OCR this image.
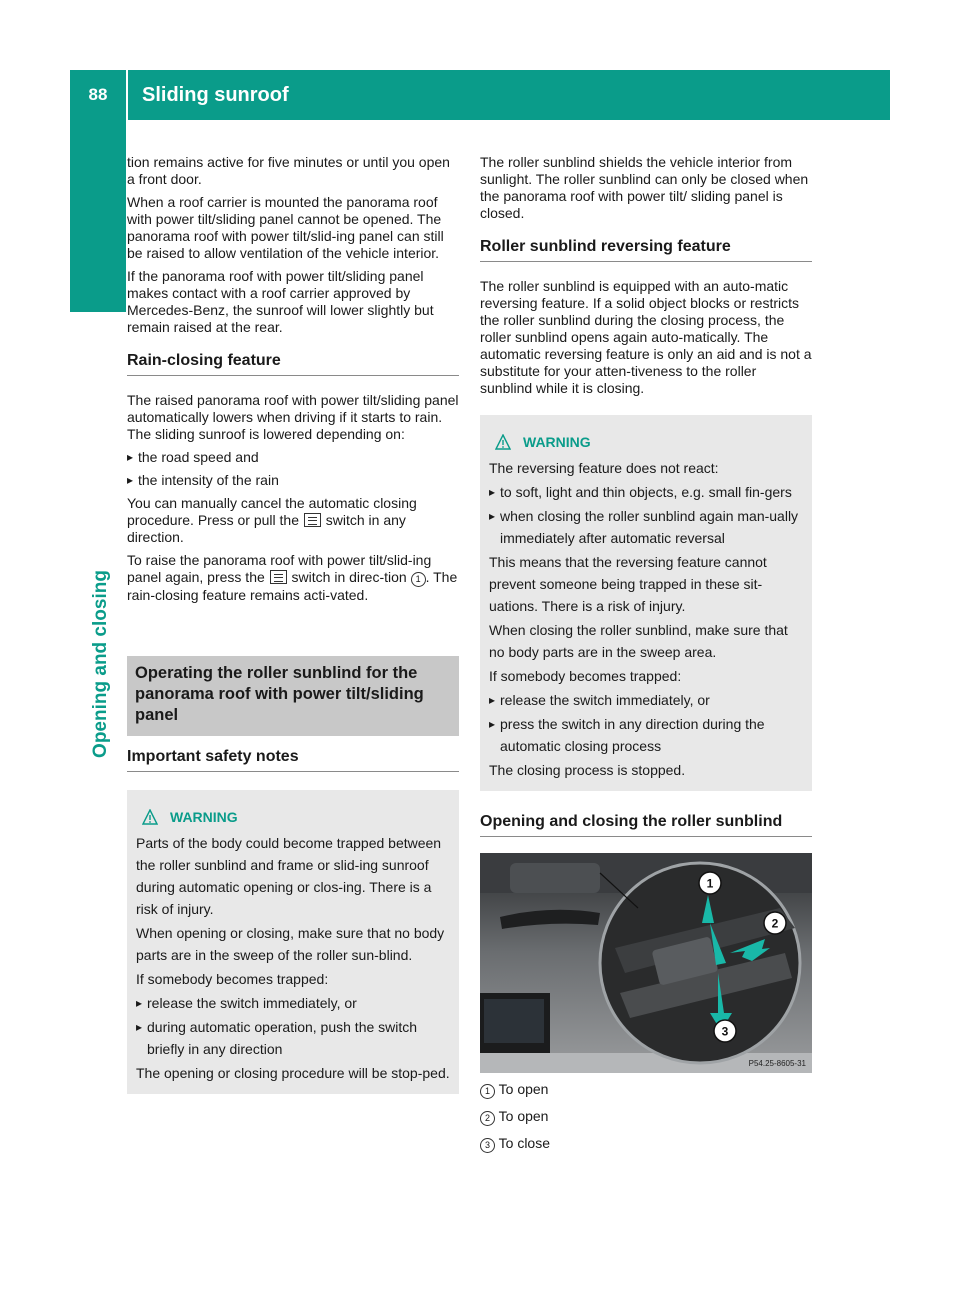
88	Sliding sunroof
Opening and closing

tion remains active for five minutes or until you open a front door.

When a roof carrier is mounted the panorama roof with power tilt/sliding panel cannot be opened. The panorama roof with power tilt/slid-ing panel can still be raised to allow ventilation of the vehicle interior.

If the panorama roof with power tilt/sliding panel makes contact with a roof carrier approved by Mercedes-Benz, the sunroof will lower slightly but remain raised at the rear.

Rain-closing feature

The raised panorama roof with power tilt/sliding panel automatically lowers when driving if it starts to rain. The sliding sunroof is lowered depending on:

▸ the road speed and
▸ the intensity of the rain

You can manually cancel the automatic closing procedure. Press or pull the switch in any direction.

To raise the panorama roof with power tilt/slid-ing panel again, press the switch in direc-tion 1 . The rain-closing feature remains acti-vated.

Operating the roller sunblind for the panorama roof with power tilt/sliding panel
Important safety notes
WARNING

Parts of the body could become trapped between the roller sunblind and frame or slid-ing sunroof during automatic opening or clos-ing. There is a risk of injury.

When opening or closing, make sure that no body parts are in the sweep of the roller sun-blind.

If somebody becomes trapped:

▸ release the switch immediately, or
▸ during automatic operation, push the switch briefly in any direction

The opening or closing procedure will be stop-ped.

The roller sunblind shields the vehicle interior from sunlight. The roller sunblind can only be closed when the panorama roof with power tilt/ sliding panel is closed.

Roller sunblind reversing feature

The roller sunblind is equipped with an auto-matic reversing feature. If a solid object blocks or restricts the roller sunblind during the closing process, the roller sunblind opens again auto-matically. The automatic reversing feature is only an aid and is not a substitute for your atten-tiveness to the roller sunblind while it is closing.

WARNING

The reversing feature does not react:

▸ to soft, light and thin objects, e.g. small fin-gers
▸ when closing the roller sunblind again man-ually immediately after automatic reversal

This means that the reversing feature cannot prevent someone being trapped in these sit-uations. There is a risk of injury.

When closing the roller sunblind, make sure that no body parts are in the sweep area.

If somebody becomes trapped:

▸ release the switch immediately, or
▸ press the switch in any direction during the automatic closing process

The closing process is stopped.

Opening and closing the roller sunblind
1
2
3
P54.25-8605-31

1 To open

2 To open

3 To close
